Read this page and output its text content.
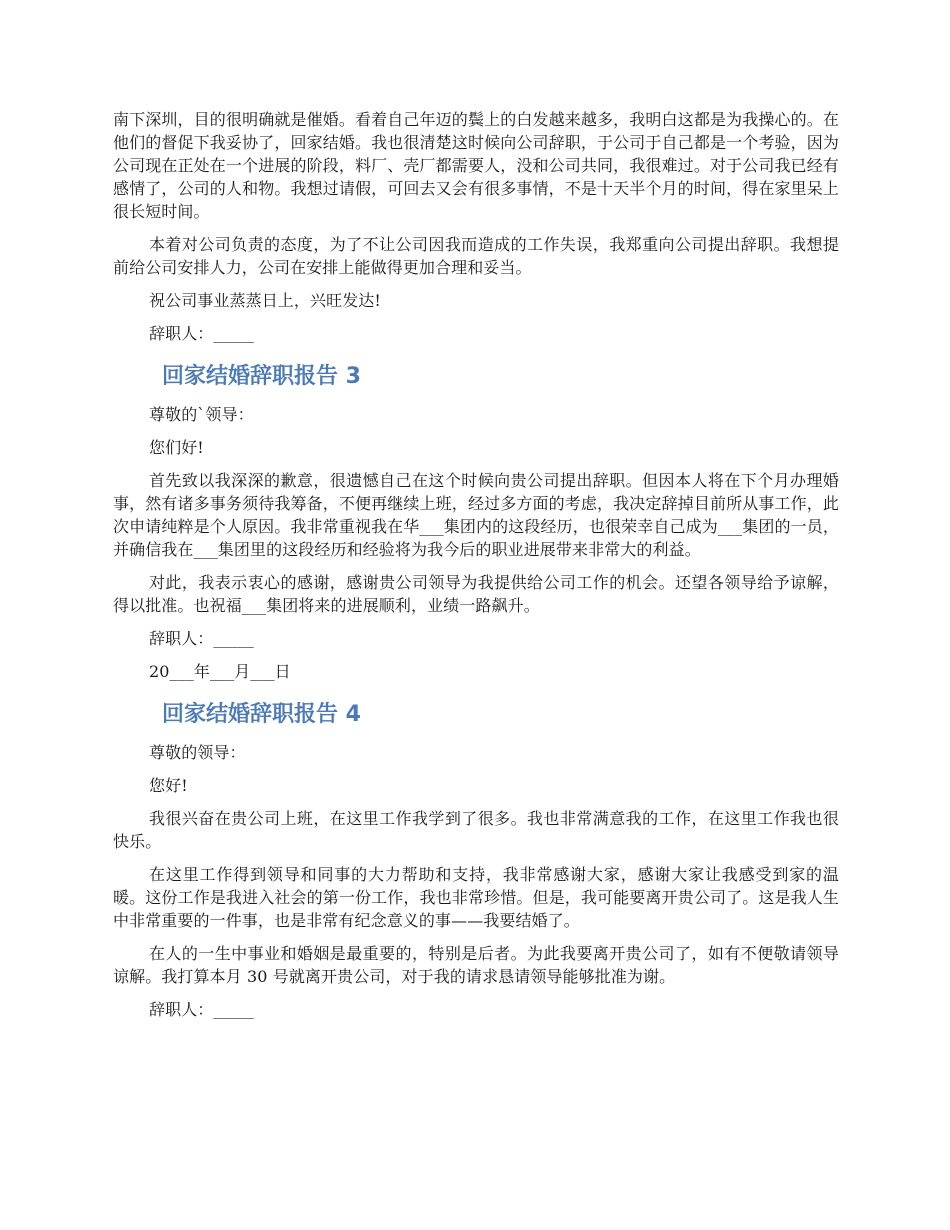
南下深圳，目的很明确就是催婚。看着自己年迈的鬓上的白发越来越多，我明白这都是为我操心的。在他们的督促下我妥协了，回家结婚。我也很清楚这时候向公司辞职，于公司于自己都是一个考验，因为公司现在正处在一个进展的阶段，料厂、壳厂都需要人，没和公司共同，我很难过。对于公司我已经有感情了，公司的人和物。我想过请假，可回去又会有很多事情，不是十天半个月的时间，得在家里呆上很长短时间。

本着对公司负责的态度，为了不让公司因我而造成的工作失误，我郑重向公司提出辞职。我想提前给公司安排人力，公司在安排上能做得更加合理和妥当。

祝公司事业蒸蒸日上，兴旺发达!

辞职人：_____

回家结婚辞职报告 3

尊敬的`领导：

您们好!

首先致以我深深的歉意，很遗憾自己在这个时候向贵公司提出辞职。但因本人将在下个月办理婚事，然有诸多事务须待我筹备，不便再继续上班，经过多方面的考虑，我决定辞掉目前所从事工作，此次申请纯粹是个人原因。我非常重视我在华___集团内的这段经历，也很荣幸自己成为___集团的一员，并确信我在___集团里的这段经历和经验将为我今后的职业进展带来非常大的利益。

对此，我表示衷心的感谢，感谢贵公司领导为我提供给公司工作的机会。还望各领导给予谅解，得以批准。也祝福___集团将来的进展顺利，业绩一路飙升。

辞职人：_____

20___年___月___日

回家结婚辞职报告 4

尊敬的领导：

您好!

我很兴奋在贵公司上班，在这里工作我学到了很多。我也非常满意我的工作，在这里工作我也很快乐。

在这里工作得到领导和同事的大力帮助和支持，我非常感谢大家，感谢大家让我感受到家的温暖。这份工作是我进入社会的第一份工作，我也非常珍惜。但是，我可能要离开贵公司了。这是我人生中非常重要的一件事，也是非常有纪念意义的事——我要结婚了。

在人的一生中事业和婚姻是最重要的，特别是后者。为此我要离开贵公司了，如有不便敬请领导谅解。我打算本月 30 号就离开贵公司，对于我的请求恳请领导能够批准为谢。

辞职人：_____
